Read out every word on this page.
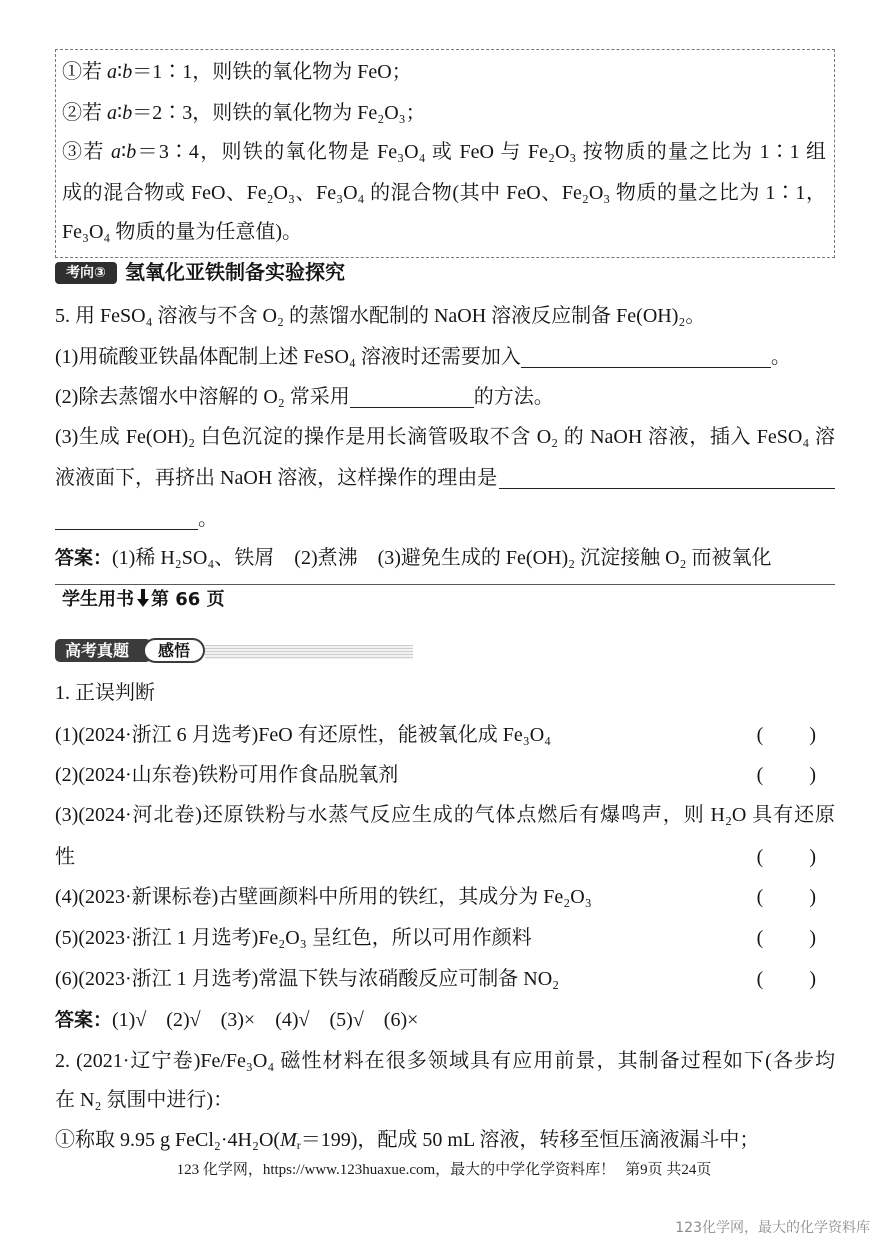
①若 a∶b＝1∶1，则铁的氧化物为 FeO；
②若 a∶b＝2∶3，则铁的氧化物为 Fe₂O₃；
③若 a∶b＝3∶4，则铁的氧化物是 Fe₃O₄ 或 FeO 与 Fe₂O₃ 按物质的量之比为 1∶1 组
成的混合物或 FeO、Fe₂O₃、Fe₃O₄ 的混合物(其中 FeO、Fe₂O₃ 物质的量之比为 1∶1，
Fe₃O₄ 物质的量为任意值)。
考向③ 氢氧化亚铁制备实验探究
5. 用 FeSO₄ 溶液与不含 O₂ 的蒸馏水配制的 NaOH 溶液反应制备 Fe(OH)₂。
(1)用硫酸亚铁晶体配制上述 FeSO₄ 溶液时还需要加入	。
(2)除去蒸馏水中溶解的 O₂ 常采用	的方法。
(3)生成 Fe(OH)₂ 白色沉淀的操作是用长滴管吸取不含 O₂ 的 NaOH 溶液，插入 FeSO₄ 溶
液液面下，再挤出 NaOH 溶液，这样操作的理由是
。
答案：(1)稀 H₂SO₄、铁屑　(2)煮沸　(3)避免生成的 Fe(OH)₂ 沉淀接触 O₂ 而被氧化
学生用书 第 66 页
高考真题	感悟
1. 正误判断
(1)(2024·浙江 6 月选考)FeO 有还原性，能被氧化成 Fe₃O₄	(　　)
(2)(2024·山东卷)铁粉可用作食品脱氧剂	(　　)
(3)(2024·河北卷)还原铁粉与水蒸气反应生成的气体点燃后有爆鸣声，则 H₂O 具有还原
性	(　　)
(4)(2023·新课标卷)古壁画颜料中所用的铁红，其成分为 Fe₂O₃	(　　)
(5)(2023·浙江 1 月选考)Fe₂O₃ 呈红色，所以可用作颜料	(　　)
(6)(2023·浙江 1 月选考)常温下铁与浓硝酸反应可制备 NO₂	(　　)
答案：(1)√　(2)√　(3)×　(4)√　(5)√　(6)×
2. (2021·辽宁卷)Fe/Fe₃O₄ 磁性材料在很多领域具有应用前景，其制备过程如下(各步均
在 N₂ 氛围中进行)：
①称取 9.95 g $FeCl_2\cdot 4H_2O(M_r=199)$，配成 50 mL 溶液，转移至恒压滴液漏斗中；
123 化学网，https://www.123huaxue.com，最大的中学化学资料库！ 第9页 共24页
123化学网，最大的化学资料库
